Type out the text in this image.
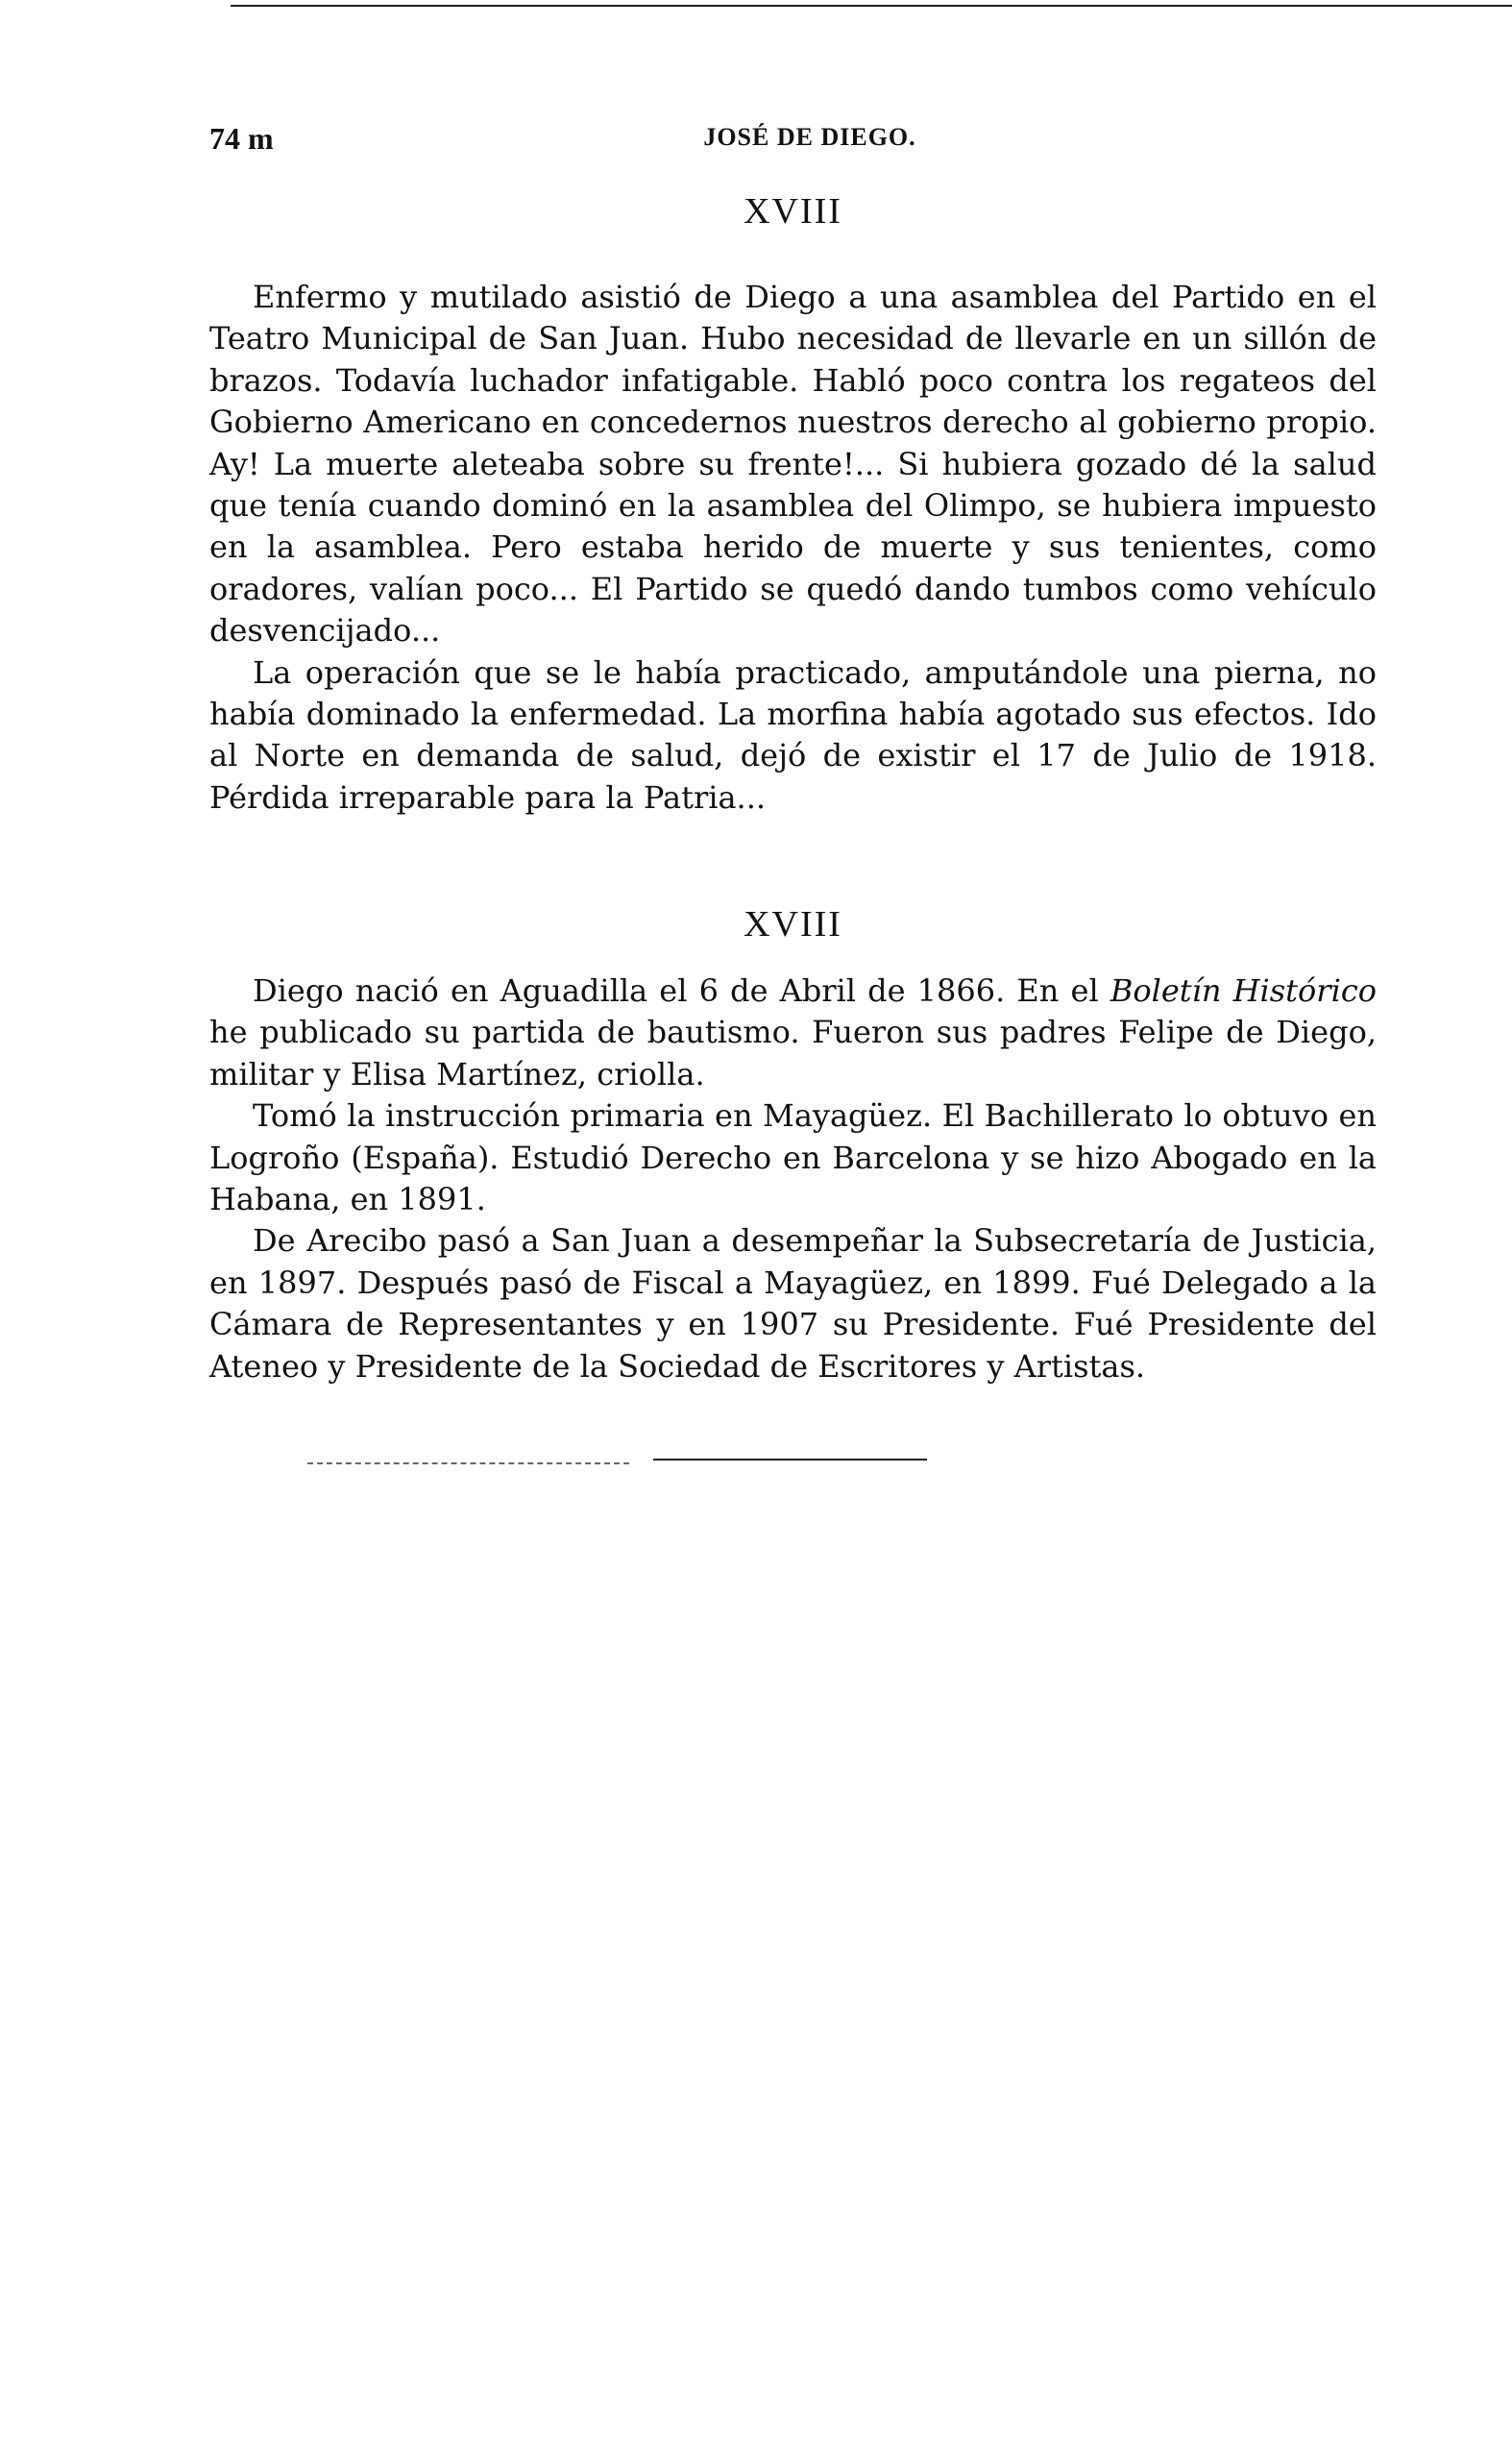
74 m	JOSÉ DE DIEGO.
XVIII

Enfermo y mutilado asistió de Diego a una asamblea del Partido en el Teatro Municipal de San Juan. Hubo necesidad de llevarle en un sillón de brazos. Todavía luchador infatigable. Habló poco contra los regateos del Gobierno Americano en concedernos nuestros derecho al gobierno propio. Ay! La muerte aleteaba sobre su frente!... Si hubiera gozado dé la salud que tenía cuando dominó en la asamblea del Olimpo, se hubiera impuesto en la asamblea. Pero estaba herido de muerte y sus tenientes, como oradores, valían poco... El Partido se quedó dando tumbos como vehículo desvencijado...

La operación que se le había practicado, amputándole una pierna, no había dominado la enfermedad. La morfina había agotado sus efectos. Ido al Norte en demanda de salud, dejó de existir el 17 de Julio de 1918. Pérdida irreparable para la Patria...

XVIII

Diego nació en Aguadilla el 6 de Abril de 1866. En el Boletín Histórico he publicado su partida de bautismo. Fueron sus padres Felipe de Diego, militar y Elisa Martínez, criolla.

Tomó la instrucción primaria en Mayagüez. El Bachillerato lo obtuvo en Logroño (España). Estudió Derecho en Barcelona y se hizo Abogado en la Habana, en 1891.

De Arecibo pasó a San Juan a desempeñar la Subsecretaría de Justicia, en 1897. Después pasó de Fiscal a Mayagüez, en 1899. Fué Delegado a la Cámara de Representantes y en 1907 su Presidente. Fué Presidente del Ateneo y Presidente de la Sociedad de Escritores y Artistas.
